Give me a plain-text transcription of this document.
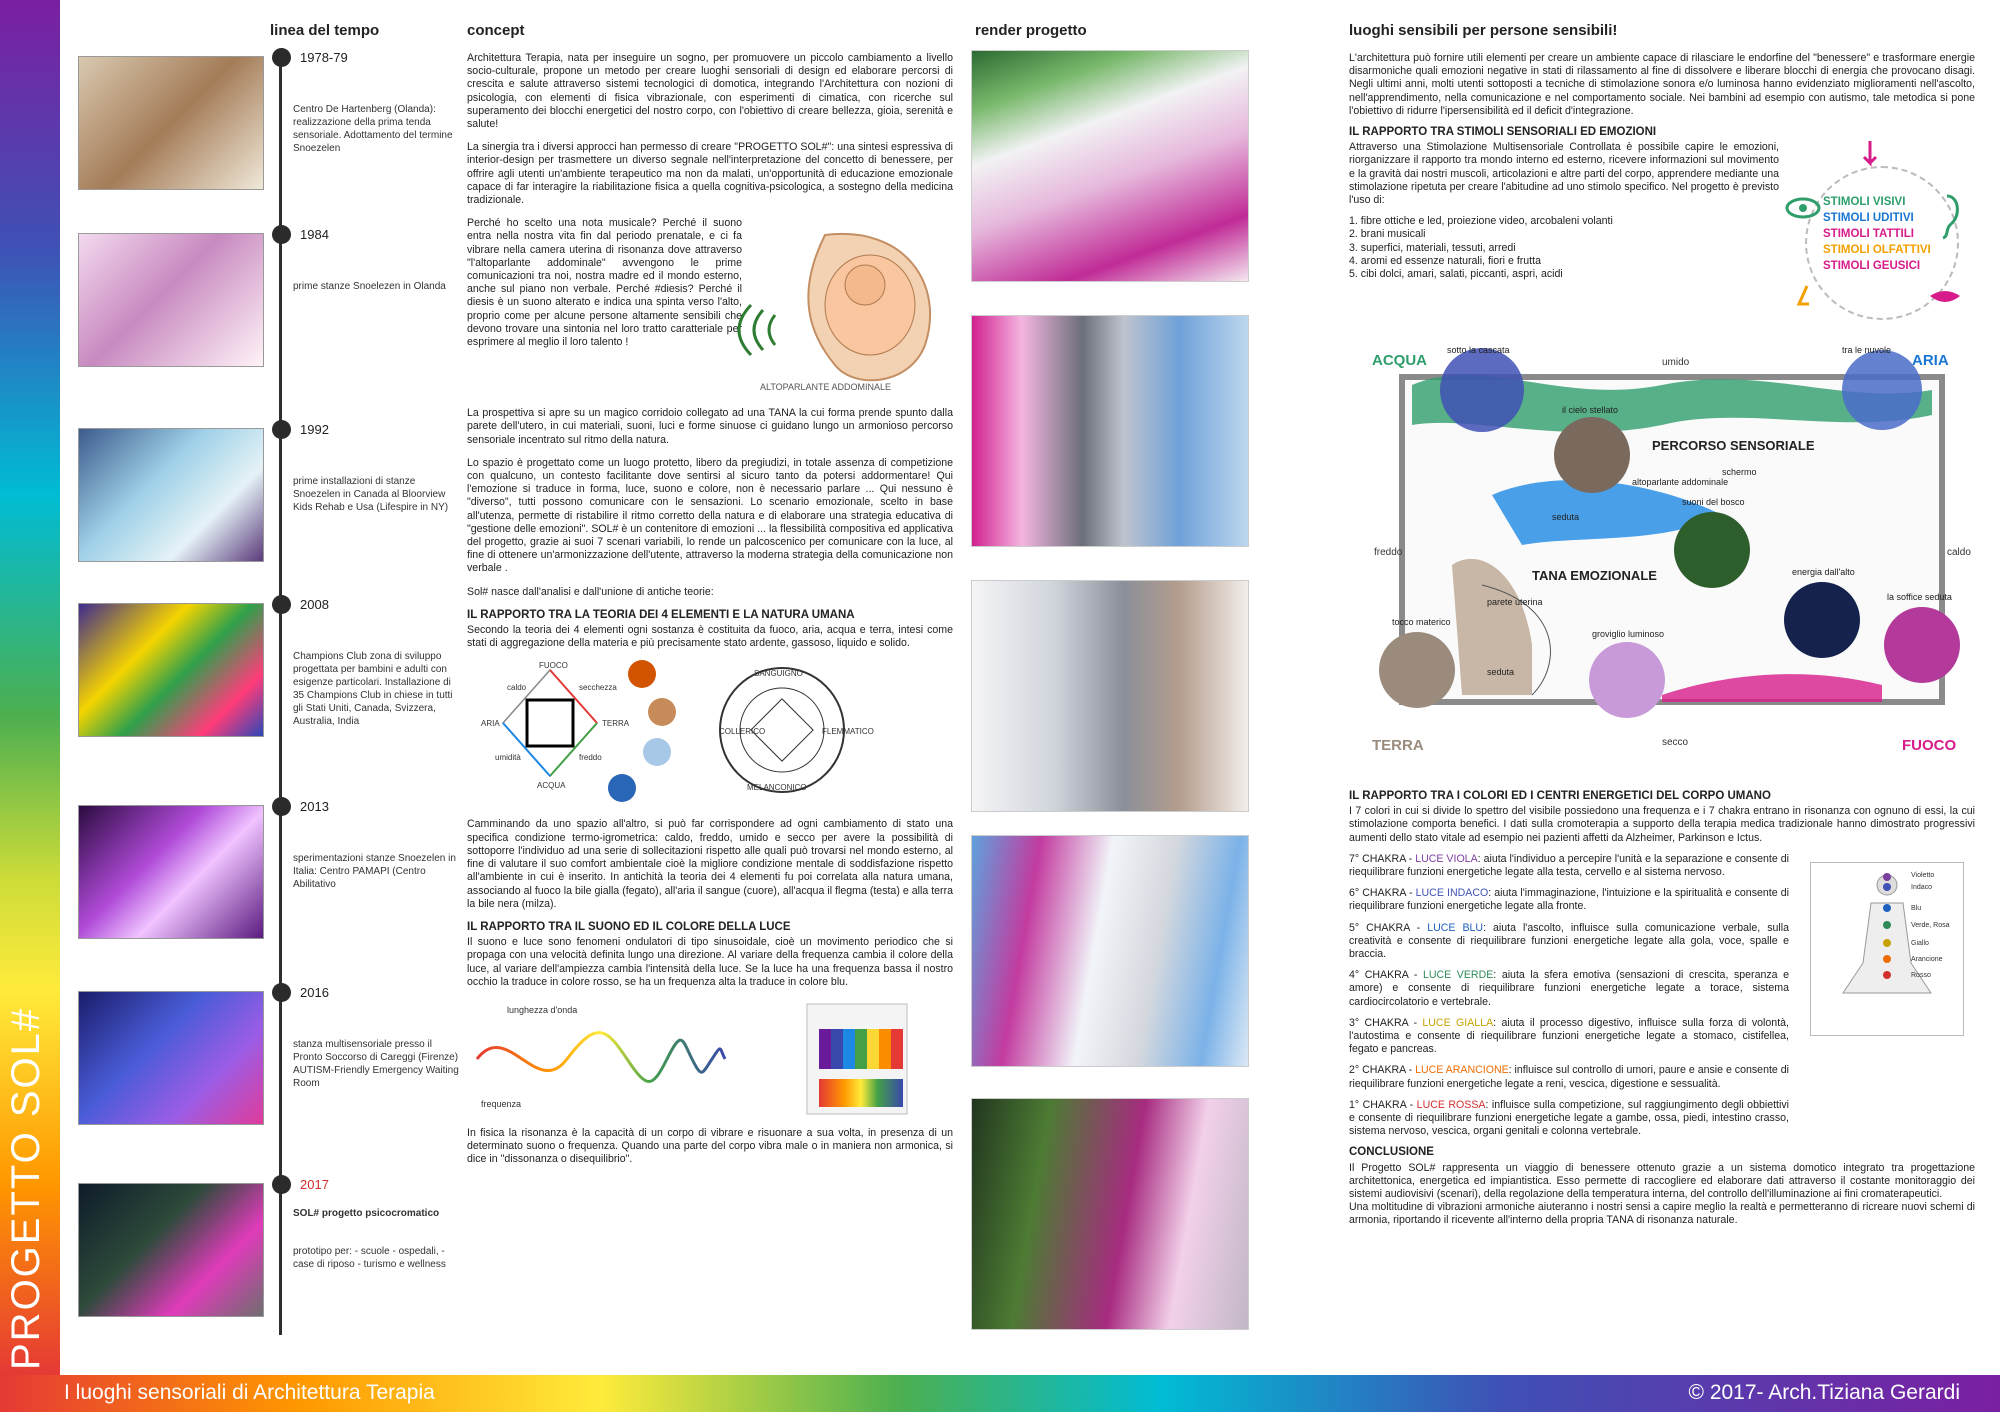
linea del tempo	concept	render progetto	luoghi sensibili per persone sensibili!
1978-79
Centro De Hartenberg (Olanda): realizzazione della prima tenda sensoriale. Adottamento del termine Snoezelen
1984
prime stanze Snoelezen in Olanda
1992
prime installazioni di stanze Snoezelen in Canada al Bloorview Kids Rehab e Usa (Lifespire in NY)
2008
Champions Club zona di sviluppo progettata per bambini e adulti con esigenze particolari. Installazione di 35 Champions Club in chiese in tutti gli Stati Uniti, Canada, Svizzera, Australia, India
2013
sperimentazioni stanze Snoezelen in Italia: Centro PAMAPI (Centro Abilitativo
2016
stanza multisensoriale presso il Pronto Soccorso di Careggi (Firenze) AUTISM-Friendly Emergency Waiting Room
2017
SOL# progetto psicocromatico
prototipo per: - scuole - ospedali, - case di riposo - turismo e wellness

Architettura Terapia, nata per inseguire un sogno, per promuovere un piccolo cambiamento a livello socio-culturale, propone un metodo per creare luoghi sensoriali di design ed elaborare percorsi di crescita e salute attraverso sistemi tecnologici di domotica, integrando l'Architettura con nozioni di psicologia, con elementi di fisica vibrazionale, con esperimenti di cimatica, con ricerche sul superamento dei blocchi energetici del nostro corpo, con l'obiettivo di creare bellezza, gioia, serenità e salute!

La sinergia tra i diversi approcci han permesso di creare "PROGETTO SOL#": una sintesi espressiva di interior-design per trasmettere un diverso segnale nell'interpretazione del concetto di benessere, per offrire agli utenti un'ambiente terapeutico ma non da malati, un'opportunità di educazione emozionale capace di far interagire la riabilitazione fisica a quella cognitiva-psicologica, a sostegno della medicina tradizionale.

Perché ho scelto una nota musicale? Perché il suono entra nella nostra vita fin dal periodo prenatale, e ci fa vibrare nella camera uterina di risonanza dove attraverso "l'altoparlante addominale" avvengono le prime comunicazioni tra noi, nostra madre ed il mondo esterno, anche sul piano non verbale. Perché #diesis? Perché il diesis è un suono alterato e indica una spinta verso l'alto, proprio come per alcune persone altamente sensibili che devono trovare una sintonia nel loro tratto caratteriale per esprimere al meglio il loro talento !

ALTOPARLANTE ADDOMINALE

La prospettiva si apre su un magico corridoio collegato ad una TANA la cui forma prende spunto dalla parete dell'utero, in cui materiali, suoni, luci e forme sinuose ci guidano lungo un armonioso percorso sensoriale incentrato sul ritmo della natura.

Lo spazio è progettato come un luogo protetto, libero da pregiudizi, in totale assenza di competizione con qualcuno, un contesto facilitante dove sentirsi al sicuro tanto da potersi addormentare! Qui l'emozione si traduce in forma, luce, suono e colore, non è necessario parlare ... Qui nessuno è "diverso", tutti possono comunicare con le sensazioni. Lo scenario emozionale, scelto in base all'utenza, permette di ristabilire il ritmo corretto della natura e di elaborare una strategia educativa di "gestione delle emozioni". SOL# è un contenitore di emozioni ... la flessibilità compositiva ed applicativa del progetto, grazie ai suoi 7 scenari variabili, lo rende un palcoscenico per comunicare con la luce, al fine di ottenere un'armonizzazione dell'utente, attraverso la moderna strategia della comunicazione non verbale .

Sol# nasce dall'analisi e dall'unione di antiche teorie:

IL RAPPORTO TRA LA TEORIA DEI 4 ELEMENTI E LA NATURA UMANA

Secondo la teoria dei 4 elementi ogni sostanza è costituita da fuoco, aria, acqua e terra, intesi come stati di aggregazione della materia e più precisamente stato ardente, gassoso, liquido e solido.

FUOCO
ARIA	TERRA
ACQUA
caldo	secchezza
umidità	freddo
SANGUIGNO
MELANCONICO
COLLERICO	FLEMMATICO

Camminando da uno spazio all'altro, si può far corrispondere ad ogni cambiamento di stato una specifica condizione termo-igrometrica: caldo, freddo, umido e secco per avere la possibilità di sottoporre l'individuo ad una serie di sollecitazioni rispetto alle quali può trovarsi nel mondo esterno, al fine di valutare il suo comfort ambientale cioè la migliore condizione mentale di soddisfazione rispetto all'ambiente in cui è inserito. In antichità la teoria dei 4 elementi fu poi correlata alla natura umana, associando al fuoco la bile gialla (fegato), all'aria il sangue (cuore), all'acqua il flegma (testa) e alla terra la bile nera (milza).

IL RAPPORTO TRA IL SUONO ED IL COLORE DELLA LUCE

Il suono e luce sono fenomeni ondulatori di tipo sinusoidale, cioè un movimento periodico che si propaga con una velocità definita lungo una direzione. Al variare della frequenza cambia il colore della luce, al variare dell'ampiezza cambia l'intensità della luce. Se la luce ha una frequenza bassa il nostro occhio la traduce in colore rosso, se ha un frequenza alta la traduce in colore blu.

lunghezza d'onda
frequenza

In fisica la risonanza è la capacità di un corpo di vibrare e risuonare a sua volta, in presenza di un determinato suono o frequenza. Quando una parte del corpo vibra male o in maniera non armonica, si dice in "dissonanza o disequilibrio".

L'architettura può fornire utili elementi per creare un ambiente capace di rilasciare le endorfine del "benessere" e trasformare energie disarmoniche quali emozioni negative in stati di rilassamento al fine di dissolvere e liberare blocchi di energia che provocano disagi. Negli ultimi anni, molti utenti sottoposti a tecniche di stimolazione sonora e/o luminosa hanno evidenziato miglioramenti nell'ascolto, nell'apprendimento, nella comunicazione e nel comportamento sociale. Nei bambini ad esempio con autismo, tale metodica si pone l'obiettivo di ridurre l'ipersensibilità ed il deficit d'integrazione.

IL RAPPORTO TRA STIMOLI SENSORIALI ED EMOZIONI

Attraverso una Stimolazione Multisensoriale Controllata è possibile capire le emozioni, riorganizzare il rapporto tra mondo interno ed esterno, ricevere informazioni sul movimento e la gravità dai nostri muscoli, articolazioni e altre parti del corpo, apprendere mediante una stimolazione ripetuta per creare l'abitudine ad uno stimolo specifico. Nel progetto è previsto l'uso di:

1. fibre ottiche e led, proiezione video, arcobaleni volanti
2. brani musicali
3. superfici, materiali, tessuti, arredi
4. aromi ed essenze naturali, fiori e frutta
5. cibi dolci, amari, salati, piccanti, aspri, acidi
STIMOLI VISIVI
STIMOLI UDITIVI
STIMOLI TATTILI
STIMOLI OLFATTIVI
STIMOLI GEUSICI
ACQUA	ARIA
TERRA	FUOCO
umido
secco
freddo	caldo
PERCORSO SENSORIALE
TANA EMOZIONALE
sotto la cascata	tra le nuvole
il cielo stellato
suoni del bosco
energia dall'alto
tocco materico
groviglio luminoso
la soffice seduta
parete uterina
altoparlante addominale
schermo
seduta
seduta
IL RAPPORTO TRA I COLORI ED I CENTRI ENERGETICI DEL CORPO UMANO

I 7 colori in cui si divide lo spettro del visibile possiedono una frequenza e i 7 chakra entrano in risonanza con ognuno di essi, la cui stimolazione comporta benefici. I dati sulla cromoterapia a supporto della terapia medica tradizionale hanno dimostrato progressivi aumenti dello stato vitale ad esempio nei pazienti affetti da Alzheimer, Parkinson e Ictus.

7° CHAKRA - LUCE VIOLA: aiuta l'individuo a percepire l'unità e la separazione e consente di riequilibrare funzioni energetiche legate alla testa, cervello e al sistema nervoso.

6° CHAKRA - LUCE INDACO: aiuta l'immaginazione, l'intuizione e la spiritualità e consente di riequilibrare funzioni energetiche legate alla fronte.

5° CHAKRA - LUCE BLU: aiuta l'ascolto, influisce sulla comunicazione verbale, sulla creatività e consente di riequilibrare funzioni energetiche legate alla gola, voce, spalle e braccia.

4° CHAKRA - LUCE VERDE: aiuta la sfera emotiva (sensazioni di crescita, speranza e amore) e consente di riequilibrare funzioni energetiche legate a torace, sistema cardiocircolatorio e vertebrale.

3° CHAKRA - LUCE GIALLA: aiuta il processo digestivo, influisce sulla forza di volontà, l'autostima e consente di riequilibrare funzioni energetiche legate a stomaco, cistifellea, fegato e pancreas.

2° CHAKRA - LUCE ARANCIONE: influisce sul controllo di umori, paure e ansie e consente di riequilibrare funzioni energetiche legate a reni, vescica, digestione e sessualità.

1° CHAKRA - LUCE ROSSA: influisce sulla competizione, sul raggiungimento degli obbiettivi e consente di riequilibrare funzioni energetiche legate a gambe, ossa, piedi, intestino crasso, sistema nervoso, vescica, organi genitali e colonna vertebrale.

CONCLUSIONE

Il Progetto SOL# rappresenta un viaggio di benessere ottenuto grazie a un sistema domotico integrato tra progettazione architettonica, energetica ed impiantistica. Esso permette di raccogliere ed elaborare dati attraverso il costante monitoraggio dei sistemi audiovisivi (scenari), della regolazione della temperatura interna, del controllo dell'illuminazione ai fini cromaterapeutici.

Una moltitudine di vibrazioni armoniche aiuteranno i nostri sensi a capire meglio la realtà e permetteranno di ricreare nuovi schemi di armonia, riportando il ricevente all'interno della propria TANA di risonanza naturale.

Violetto
Indaco
Blu
Verde, Rosa
Giallo
Arancione
Rosso
I luoghi sensoriali di Architettura Terapia	© 2017- Arch.Tiziana Gerardi
